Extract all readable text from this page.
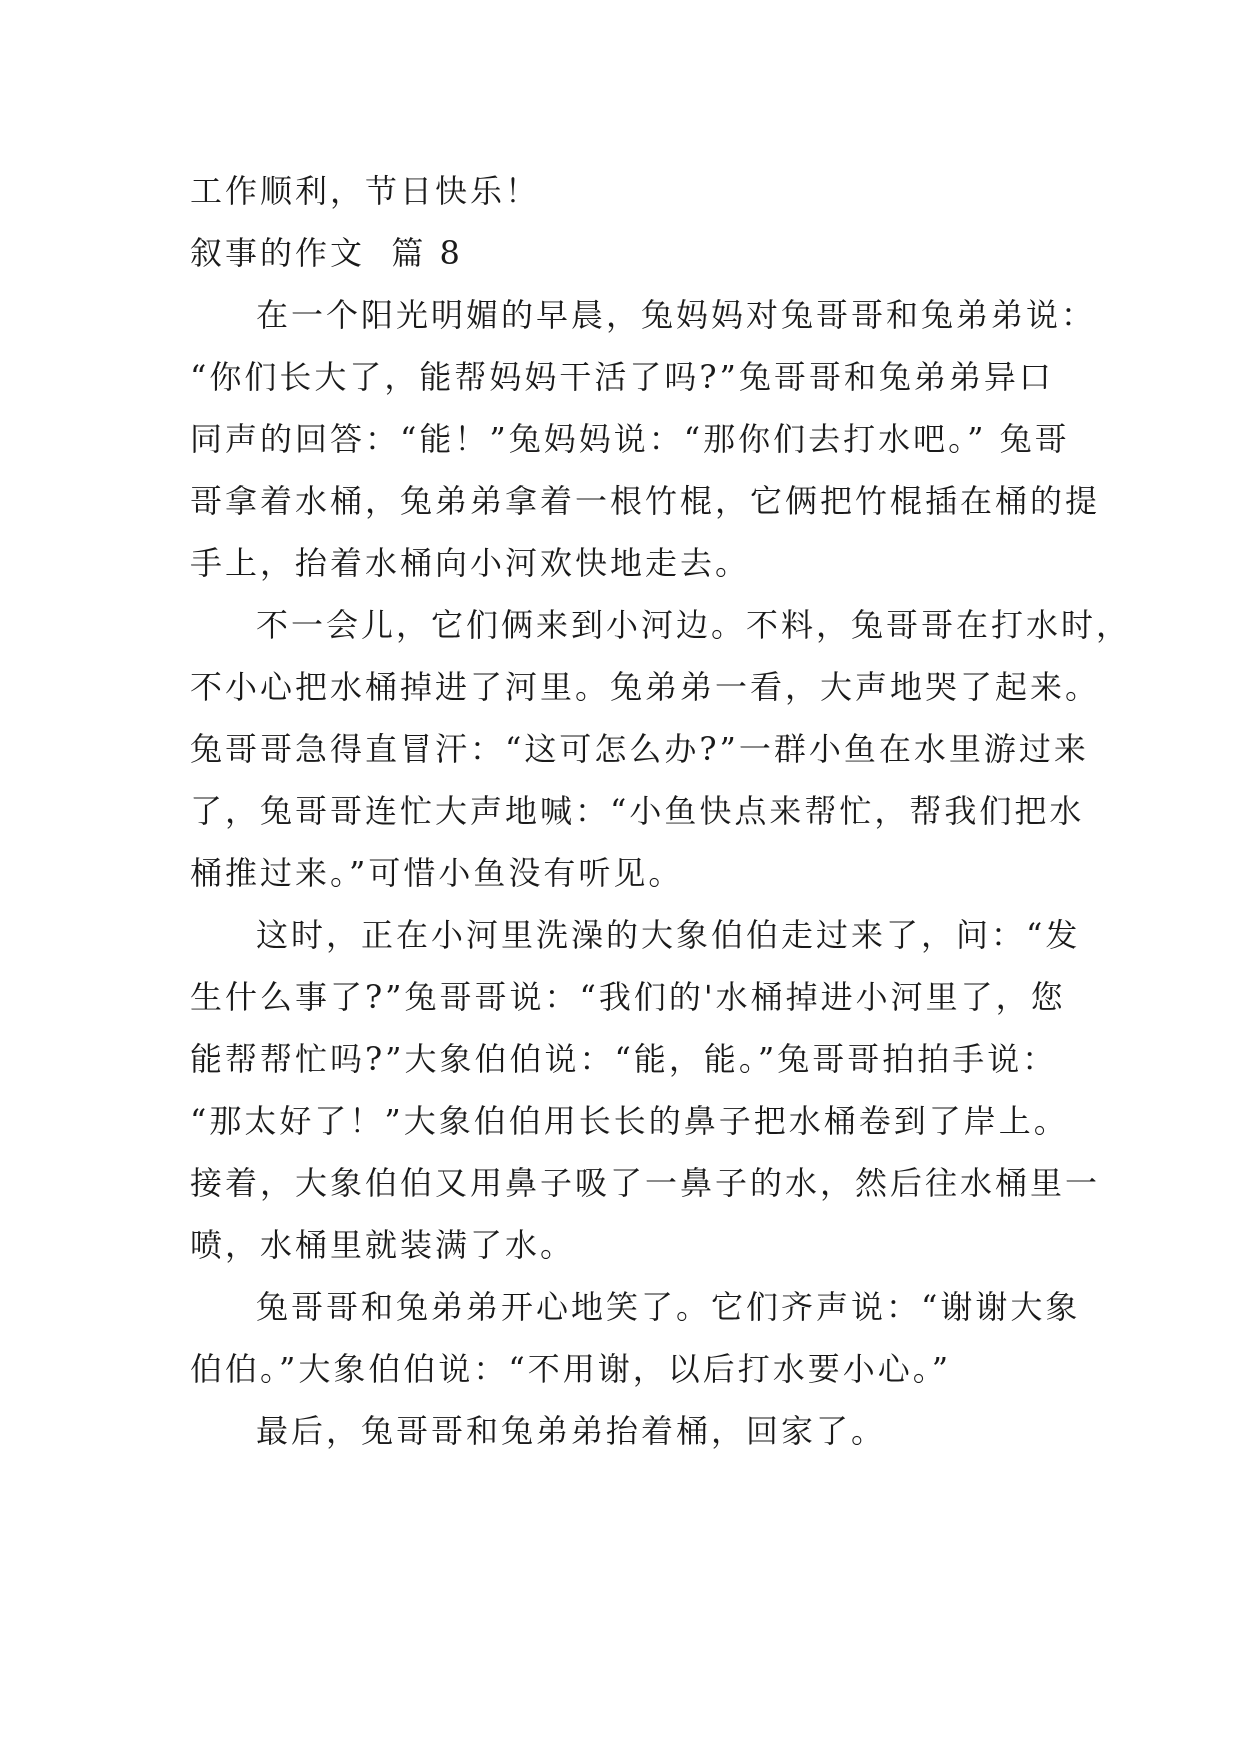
工作顺利，节日快乐！

叙事的作文  篇 8

在一个阳光明媚的早晨，兔妈妈对兔哥哥和兔弟弟说：
“你们长大了，能帮妈妈干活了吗?”兔哥哥和兔弟弟异口
同声的回答：“能！”兔妈妈说：“那你们去打水吧。” 兔哥
哥拿着水桶，兔弟弟拿着一根竹棍，它俩把竹棍插在桶的提
手上，抬着水桶向小河欢快地走去。

不一会儿，它们俩来到小河边。不料，兔哥哥在打水时，
不小心把水桶掉进了河里。兔弟弟一看，大声地哭了起来。
兔哥哥急得直冒汗：“这可怎么办?”一群小鱼在水里游过来
了，兔哥哥连忙大声地喊：“小鱼快点来帮忙，帮我们把水
桶推过来。”可惜小鱼没有听见。

这时，正在小河里洗澡的大象伯伯走过来了，问：“发
生什么事了?”兔哥哥说：“我们的'水桶掉进小河里了，您
能帮帮忙吗?”大象伯伯说：“能，能。”兔哥哥拍拍手说：
“那太好了！”大象伯伯用长长的鼻子把水桶卷到了岸上。
接着，大象伯伯又用鼻子吸了一鼻子的水，然后往水桶里一
喷，水桶里就装满了水。

兔哥哥和兔弟弟开心地笑了。它们齐声说：“谢谢大象
伯伯。”大象伯伯说：“不用谢，以后打水要小心。”

最后，兔哥哥和兔弟弟抬着桶，回家了。
